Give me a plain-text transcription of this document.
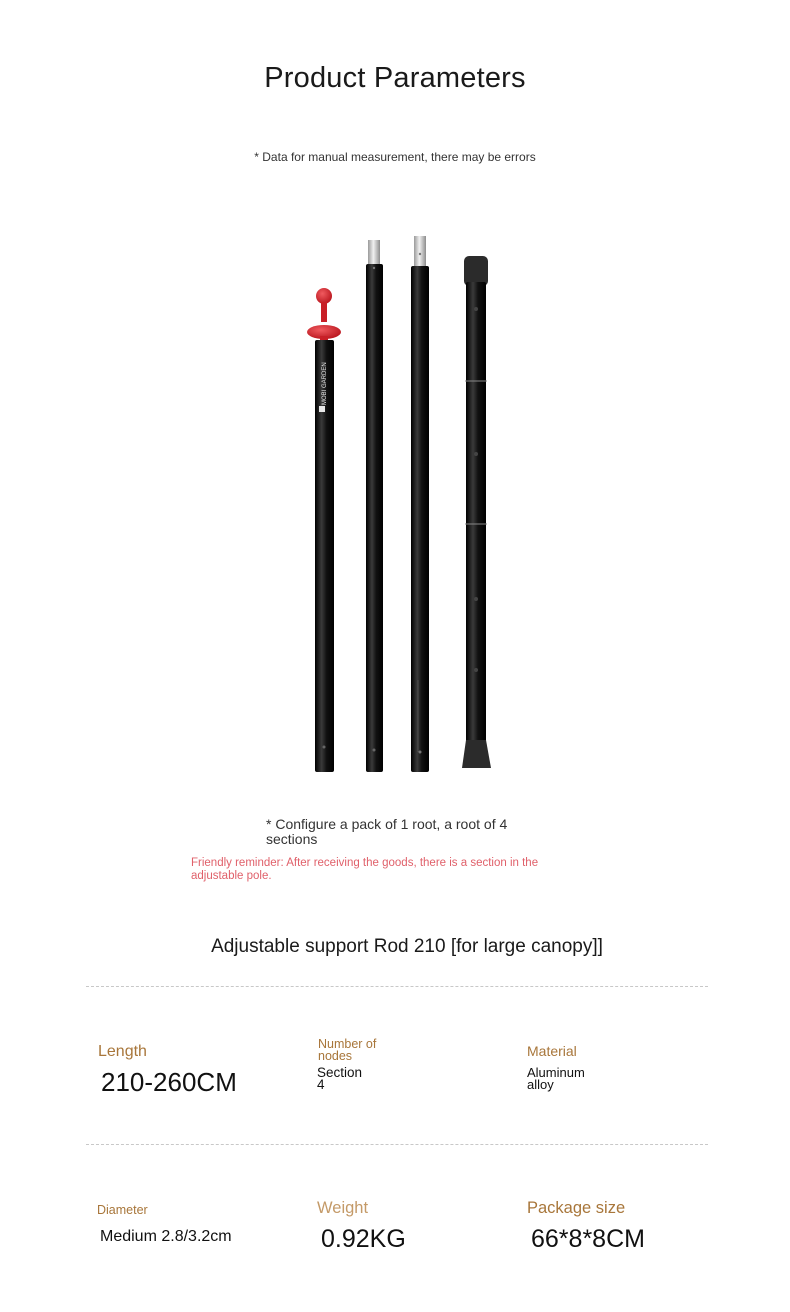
Product Parameters
* Data for manual measurement, there may be errors
MOBI GARDEN
* Configure a pack of 1 root, a root of 4 sections
Friendly reminder: After receiving the goods, there is a section in the adjustable pole.
Adjustable support Rod 210 [for large canopy]]
Length
210-260CM
Number of nodes
Section 4
Material
Aluminum alloy
Diameter
Medium 2.8/3.2cm
Weight
0.92KG
Package size
66*8*8CM
